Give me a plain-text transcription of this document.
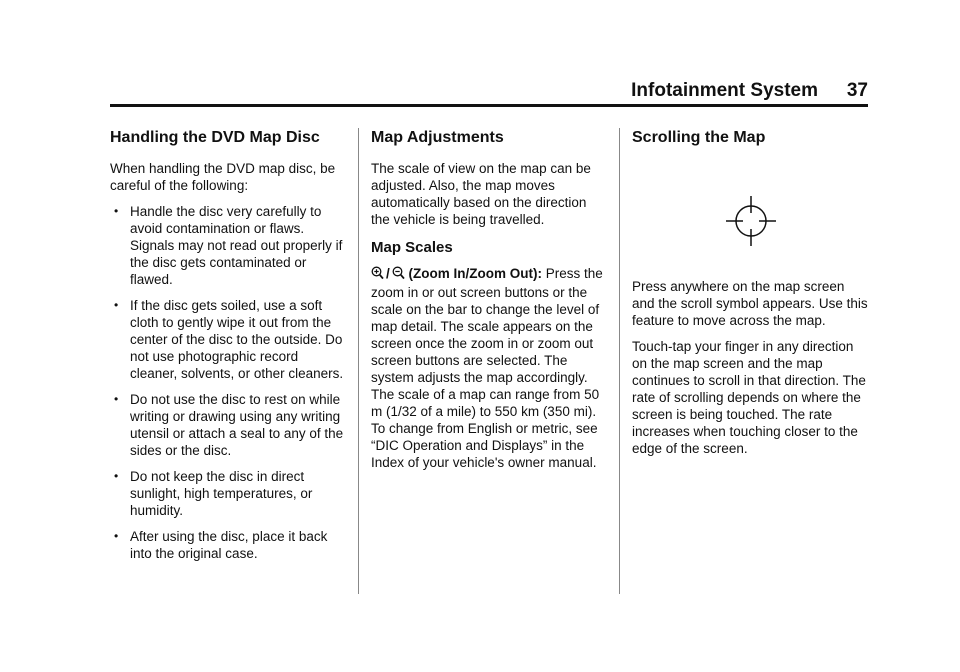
Infotainment System 37
Handling the DVD Map Disc

When handling the DVD map disc, be careful of the following:

• Handle the disc very carefully to avoid contamination or flaws. Signals may not read out properly if the disc gets contaminated or flawed.
• If the disc gets soiled, use a soft cloth to gently wipe it out from the center of the disc to the outside. Do not use photographic record cleaner, solvents, or other cleaners.
• Do not use the disc to rest on while writing or drawing using any writing utensil or attach a seal to any of the sides or the disc.
• Do not keep the disc in direct sunlight, high temperatures, or humidity.
• After using the disc, place it back into the original case.
Map Adjustments

The scale of view on the map can be adjusted. Also, the map moves automatically based on the direction the vehicle is being travelled.

Map Scales

/ (Zoom In/Zoom Out): Press the zoom in or out screen buttons or the scale on the bar to change the level of map detail. The scale appears on the screen once the zoom in or zoom out screen buttons are selected. The system adjusts the map accordingly. The scale of a map can range from 50 m (1/32 of a mile) to 550 km (350 mi). To change from English or metric, see “DIC Operation and Displays” in the Index of your vehicle's owner manual.

Scrolling the Map

Press anywhere on the map screen and the scroll symbol appears. Use this feature to move across the map.

Touch-tap your finger in any direction on the map screen and the map continues to scroll in that direction. The rate of scrolling depends on where the screen is being touched. The rate increases when touching closer to the edge of the screen.
